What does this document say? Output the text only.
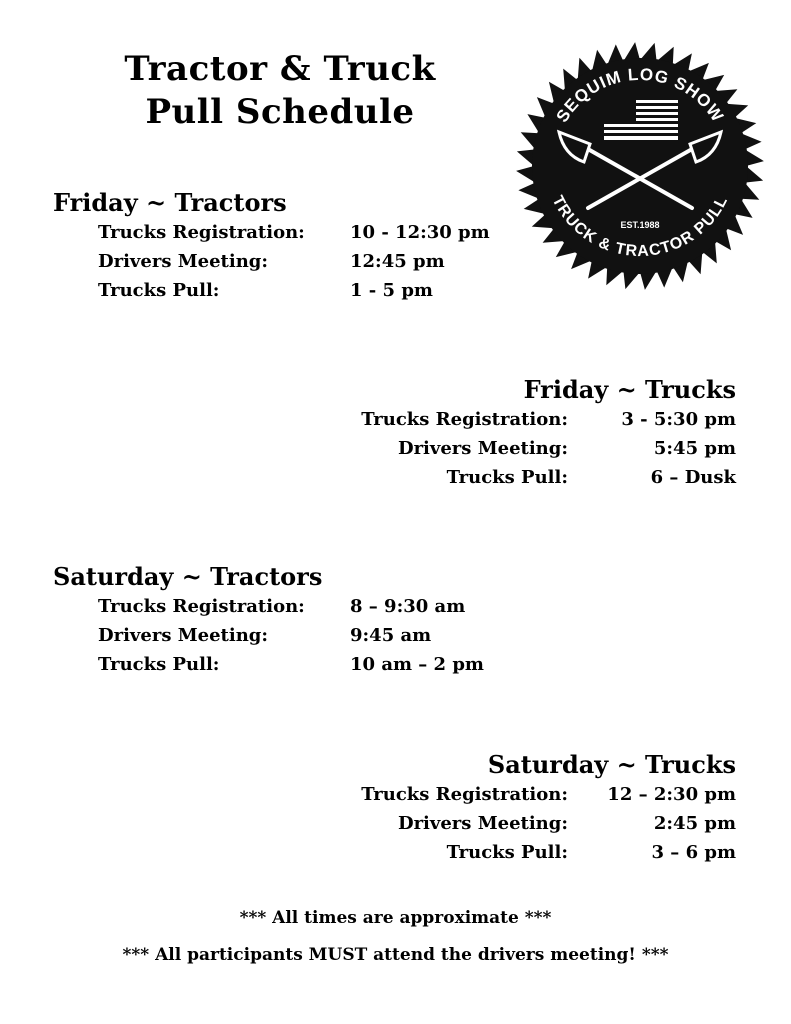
Tractor & Truck
Pull Schedule	SEQUIM LOG SHOW
TRUCK & TRACTOR PULL
EST.1988
Friday ~ Tractors
Trucks Registration:	10 - 12:30 pm
Drivers Meeting:	12:45 pm
Trucks Pull:	1 - 5 pm
Friday ~ Trucks
Trucks Registration:	3 - 5:30 pm
Drivers Meeting:	5:45 pm
Trucks Pull:	6 – Dusk
Saturday ~ Tractors
Trucks Registration:	8 – 9:30 am
Drivers Meeting:	9:45 am
Trucks Pull:	10 am – 2 pm
Saturday ~ Trucks
Trucks Registration:	12 – 2:30 pm
Drivers Meeting:	2:45 pm
Trucks Pull:	3 – 6 pm
*** All times are approximate ***
*** All participants MUST attend the drivers meeting! ***
